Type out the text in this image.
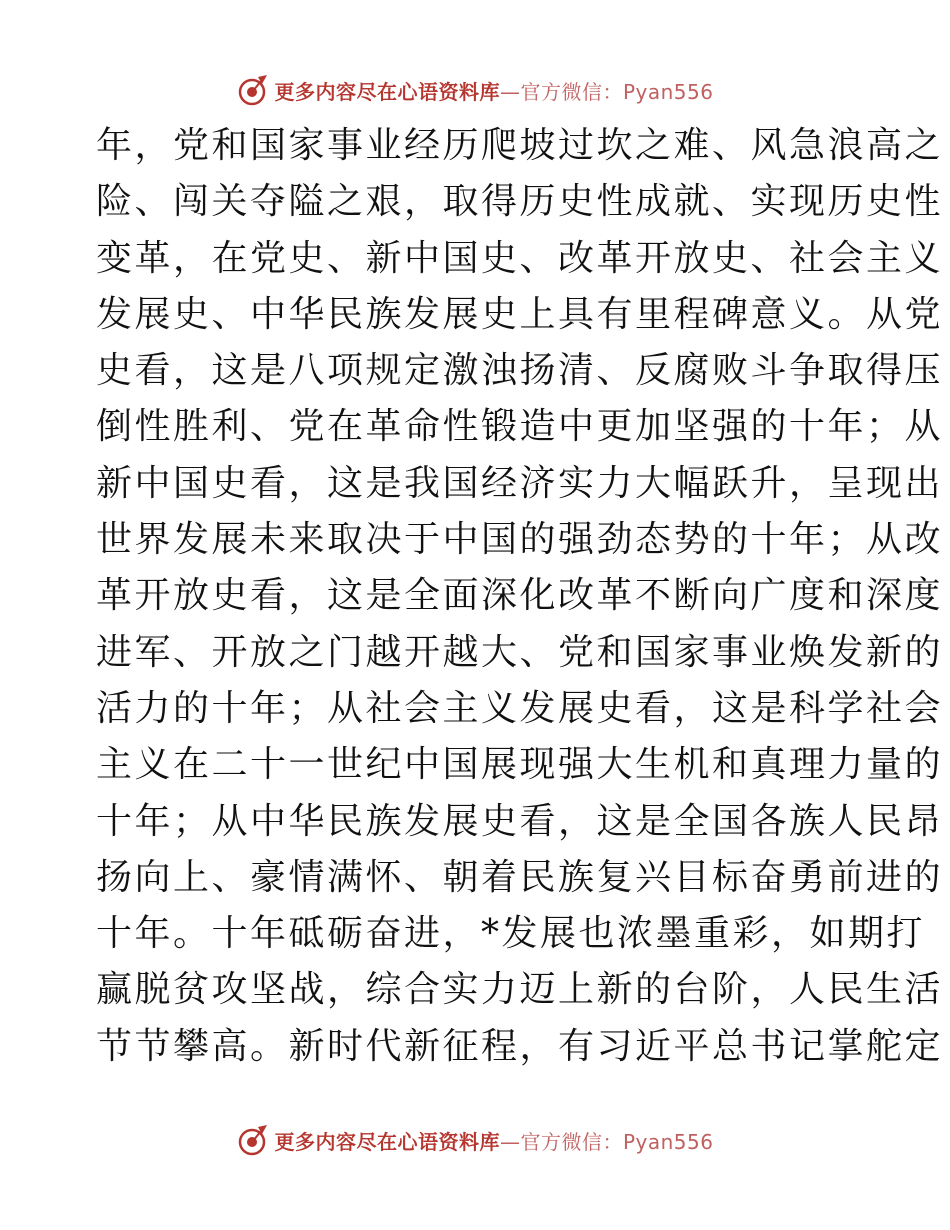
更多内容尽在心语资料库—官方微信：Pyan556
年，党和国家事业经历爬坡过坎之难、风急浪高之
险、闯关夺隘之艰，取得历史性成就、实现历史性
变革，在党史、新中国史、改革开放史、社会主义
发展史、中华民族发展史上具有里程碑意义。从党
史看，这是八项规定激浊扬清、反腐败斗争取得压
倒性胜利、党在革命性锻造中更加坚强的十年；从
新中国史看，这是我国经济实力大幅跃升，呈现出
世界发展未来取决于中国的强劲态势的十年；从改
革开放史看，这是全面深化改革不断向广度和深度
进军、开放之门越开越大、党和国家事业焕发新的
活力的十年；从社会主义发展史看，这是科学社会
主义在二十一世纪中国展现强大生机和真理力量的
十年；从中华民族发展史看，这是全国各族人民昂
扬向上、豪情满怀、朝着民族复兴目标奋勇前进的
十年。十年砥砺奋进，*发展也浓墨重彩，如期打
赢脱贫攻坚战，综合实力迈上新的台阶，人民生活
节节攀高。新时代新征程，有习近平总书记掌舵定
更多内容尽在心语资料库—官方微信：Pyan556
